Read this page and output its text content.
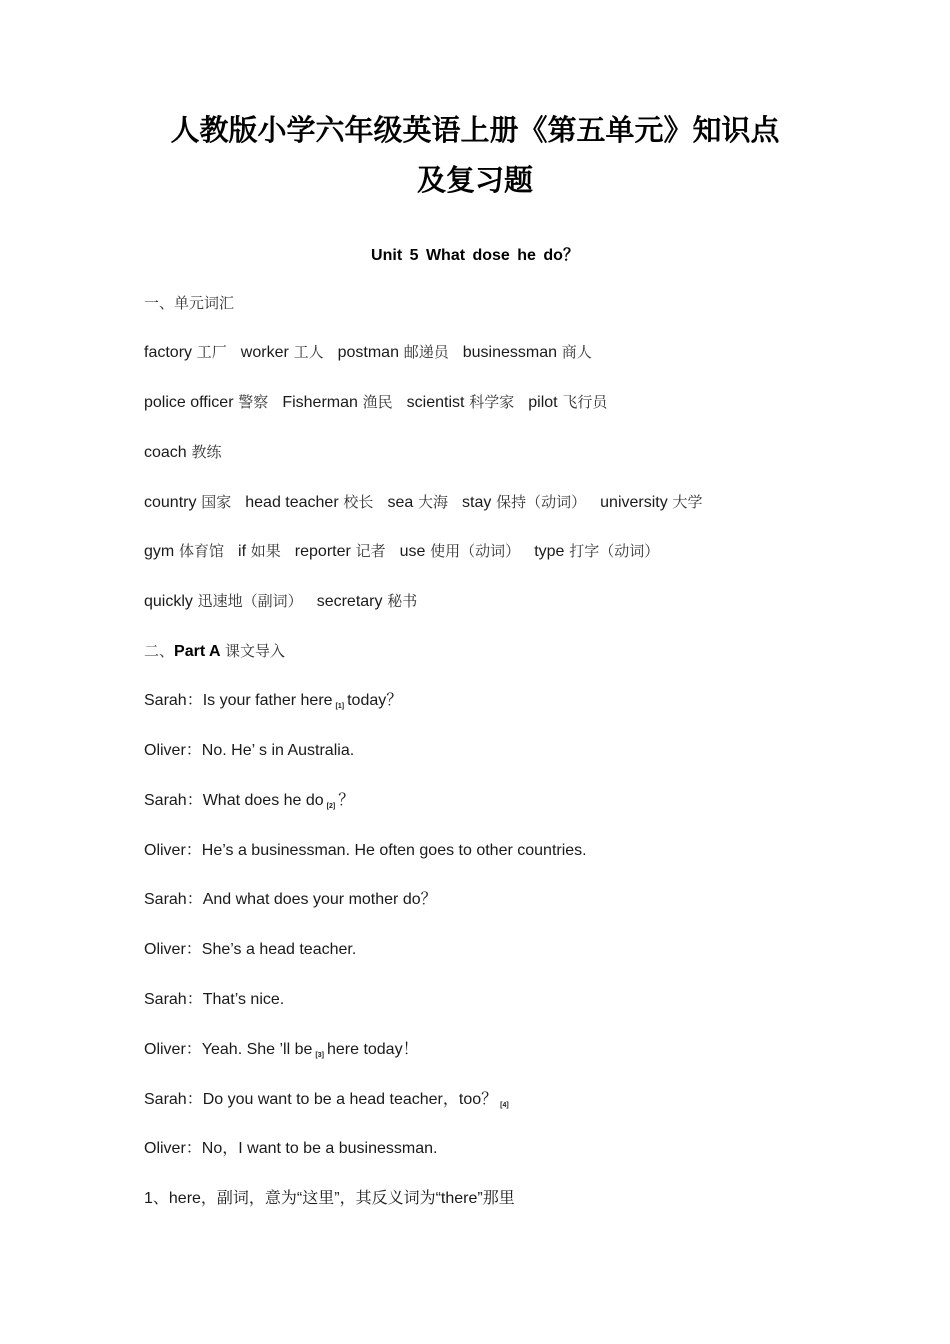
人教版小学六年级英语上册《第五单元》知识点
及复习题
Unit 5 What dose he do？
一、单元词汇
factory 工厂 worker 工人 postman 邮递员 businessman 商人
police officer 警察 Fisherman 渔民 scientist 科学家 pilot 飞行员
coach 教练
country 国家 head teacher 校长 sea 大海 stay 保持（动词） university 大学
gym 体育馆 if 如果 reporter 记者 use 使用（动词） type 打字（动词）
quickly 迅速地（副词） secretary 秘书
二、Part A 课文导入
Sarah：Is your father here [1] today？
Oliver：No. He’ s in Australia.
Sarah：What does he do [2] ？
Oliver：He’s a businessman. He often goes to other countries.
Sarah：And what does your mother do？
Oliver：She’s a head teacher.
Sarah：That’s nice.
Oliver：Yeah. She ’ll be [3] here today！
Sarah：Do you want to be a head teacher，too？ [4]
Oliver：No，I want to be a businessman.
1、here，副词，意为“这里”，其反义词为“there”那里
